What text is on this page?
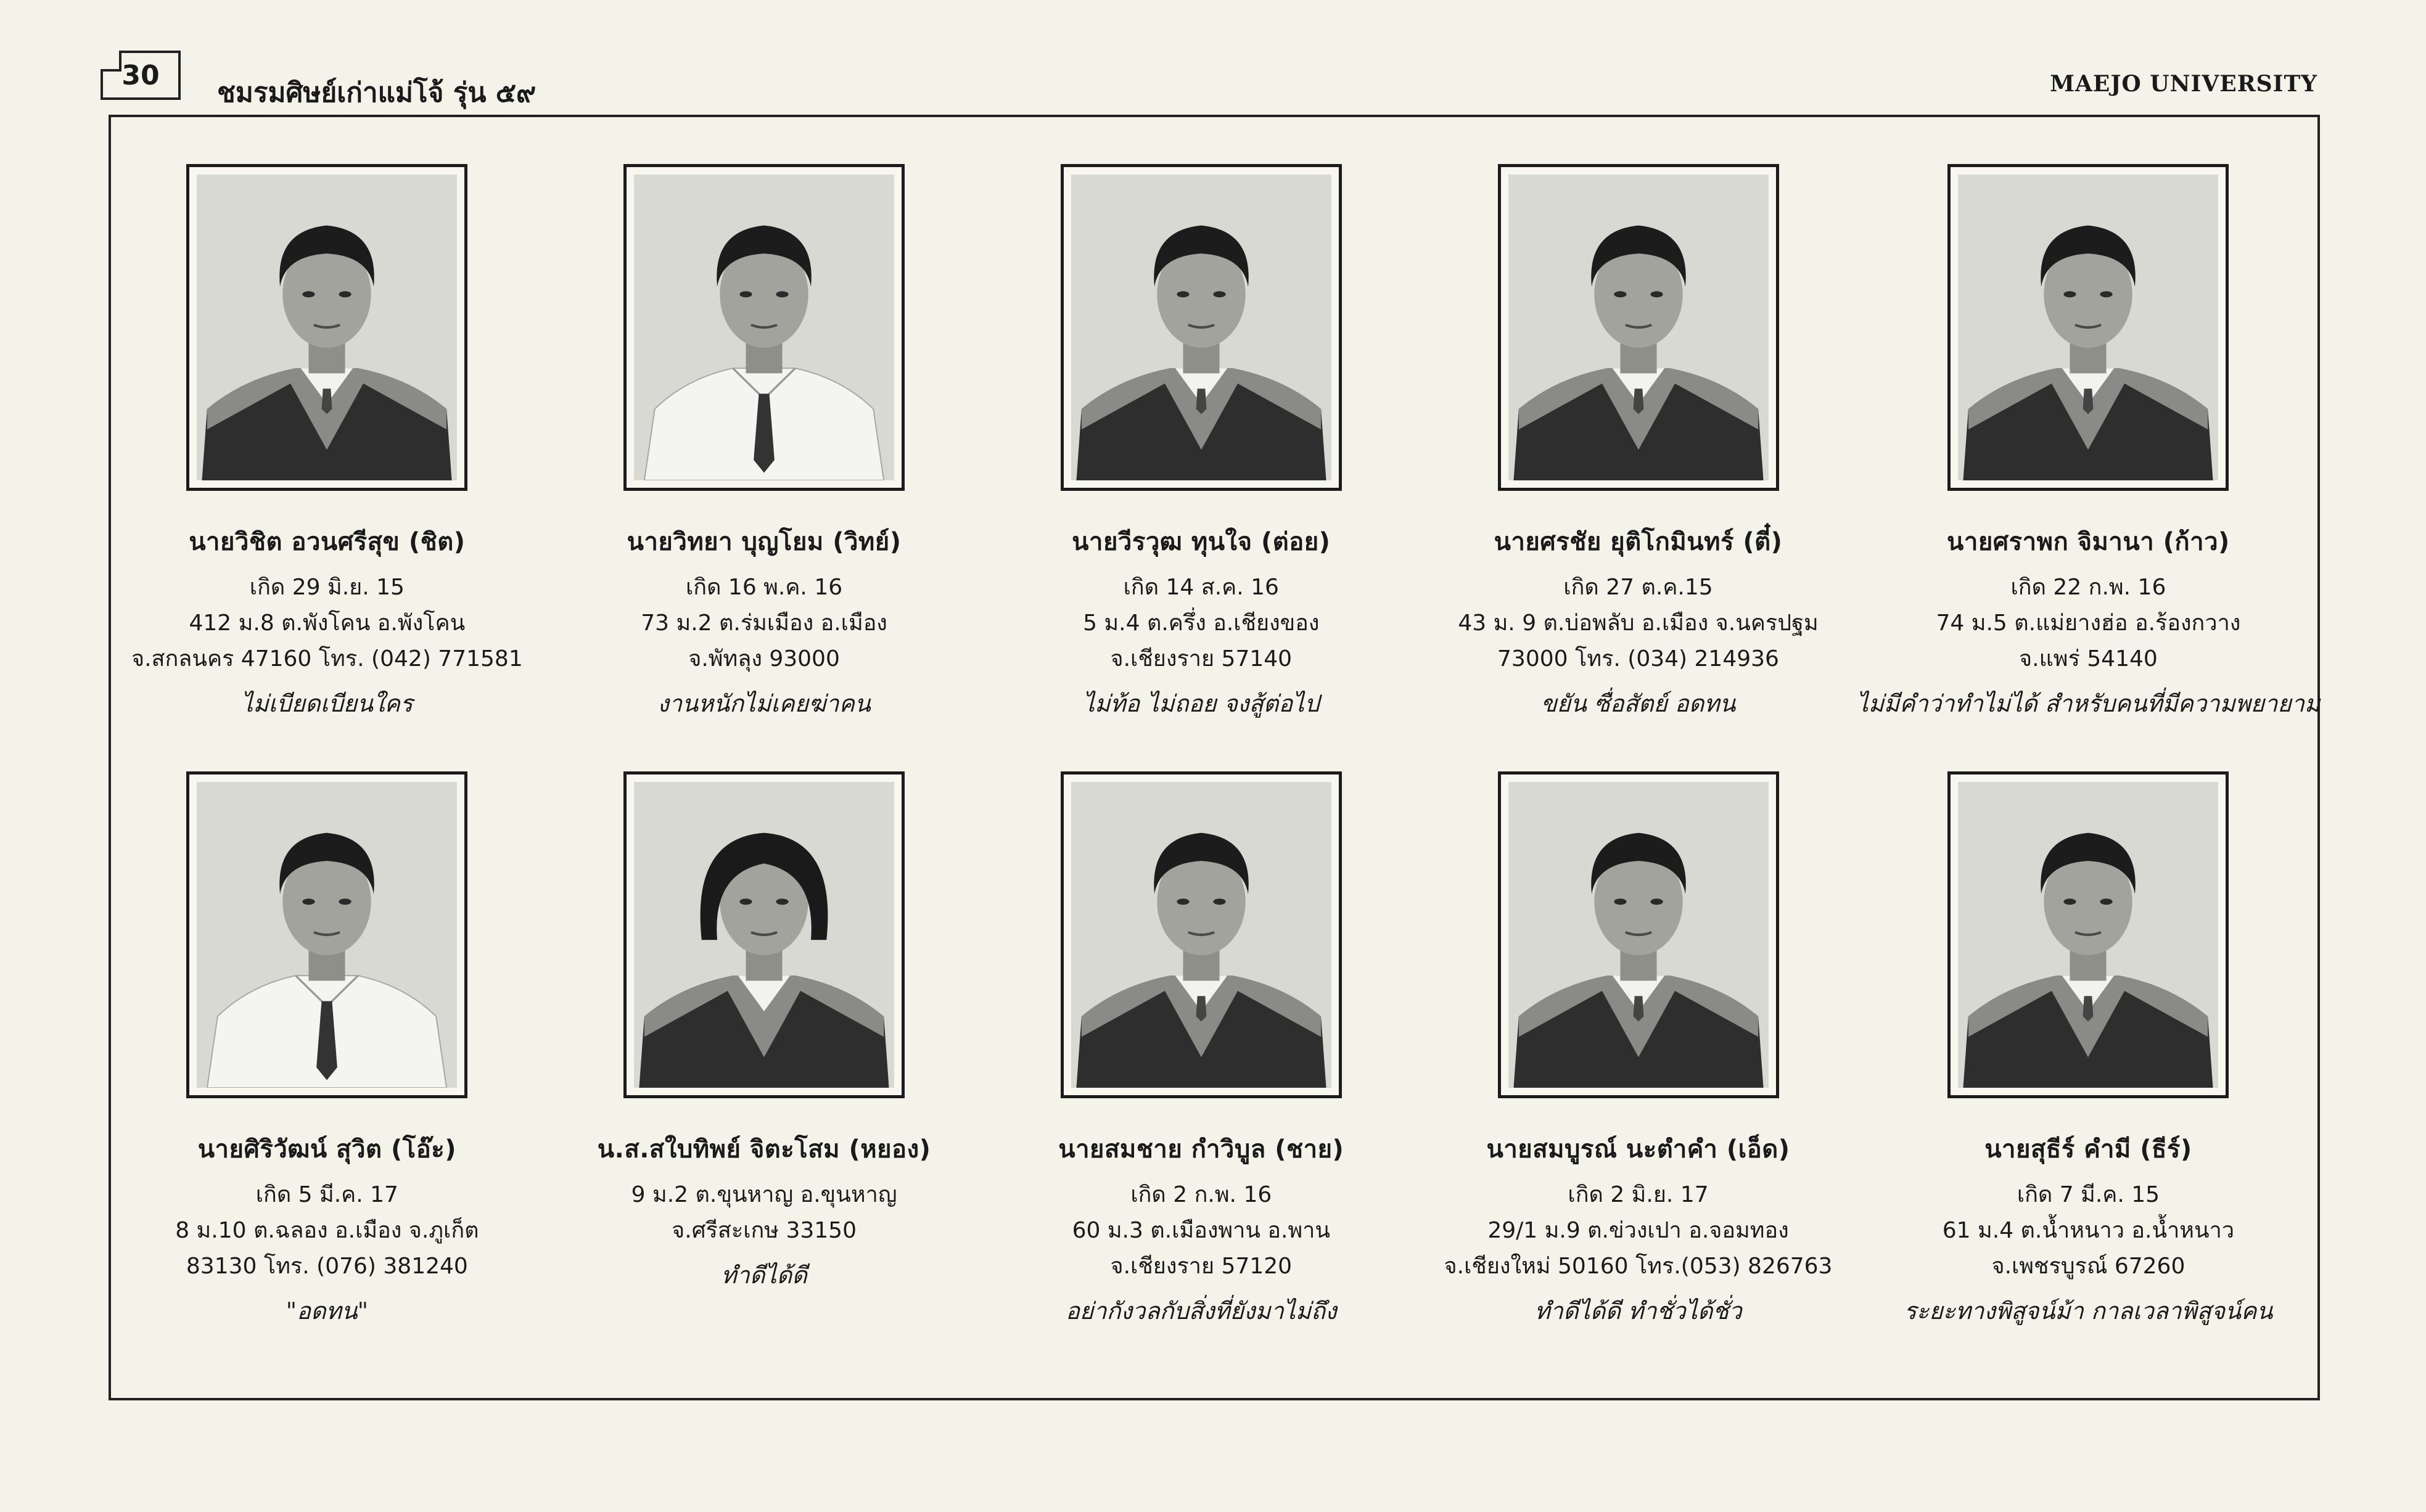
30
ชมรมศิษย์เก่าแม่โจ้ รุ่น ๕๙	MAEJO UNIVERSITY
นายวิชิต อวนศรีสุข (ชิต)
เกิด 29 มิ.ย. 15
412 ม.8 ต.พังโคน อ.พังโคน
จ.สกลนคร 47160 โทร. (042) 771581
ไม่เบียดเบียนใคร
นายวิทยา บุญโยม (วิทย์)
เกิด 16 พ.ค. 16
73 ม.2 ต.ร่มเมือง อ.เมือง
จ.พัทลุง 93000
งานหนักไม่เคยฆ่าคน
นายวีรวุฒ ทุนใจ (ต่อย)
เกิด 14 ส.ค. 16
5 ม.4 ต.ครึ่ง อ.เชียงของ
จ.เชียงราย 57140
ไม่ท้อ ไม่ถอย จงสู้ต่อไป
นายศรชัย ยุติโกมินทร์ (ตี๋)
เกิด 27 ต.ค.15
43 ม. 9 ต.บ่อพลับ อ.เมือง จ.นครปฐม
73000 โทร. (034) 214936
ขยัน ซื่อสัตย์ อดทน
นายศราพก จิมานา (ก้าว)
เกิด 22 ก.พ. 16
74 ม.5 ต.แม่ยางฮ่อ อ.ร้องกวาง
จ.แพร่ 54140
ไม่มีคำว่าทำไม่ได้ สำหรับคนที่มีความพยายาม
นายศิริวัฒน์ สุวิต (โอ๊ะ)
เกิด 5 มี.ค. 17
8 ม.10 ต.ฉลอง อ.เมือง จ.ภูเก็ต
83130 โทร. (076) 381240
"อดทน"
น.ส.สใบทิพย์ จิตะโสม (หยอง)
9 ม.2 ต.ขุนหาญ อ.ขุนหาญ
จ.ศรีสะเกษ 33150
ทำดีได้ดี
นายสมชาย กำวิบูล (ชาย)
เกิด 2 ก.พ. 16
60 ม.3 ต.เมืองพาน อ.พาน
จ.เชียงราย 57120
อย่ากังวลกับสิ่งที่ยังมาไม่ถึง
นายสมบูรณ์ นะตำคำ (เอ็ด)
เกิด 2 มิ.ย. 17
29/1 ม.9 ต.ข่วงเปา อ.จอมทอง
จ.เชียงใหม่ 50160 โทร.(053) 826763
ทำดีได้ดี ทำชั่วได้ชั่ว
นายสุธีร์ คำมี (ธีร์)
เกิด 7 มี.ค. 15
61 ม.4 ต.น้ำหนาว อ.น้ำหนาว
จ.เพชรบูรณ์ 67260
ระยะทางพิสูจน์ม้า กาลเวลาพิสูจน์คน
